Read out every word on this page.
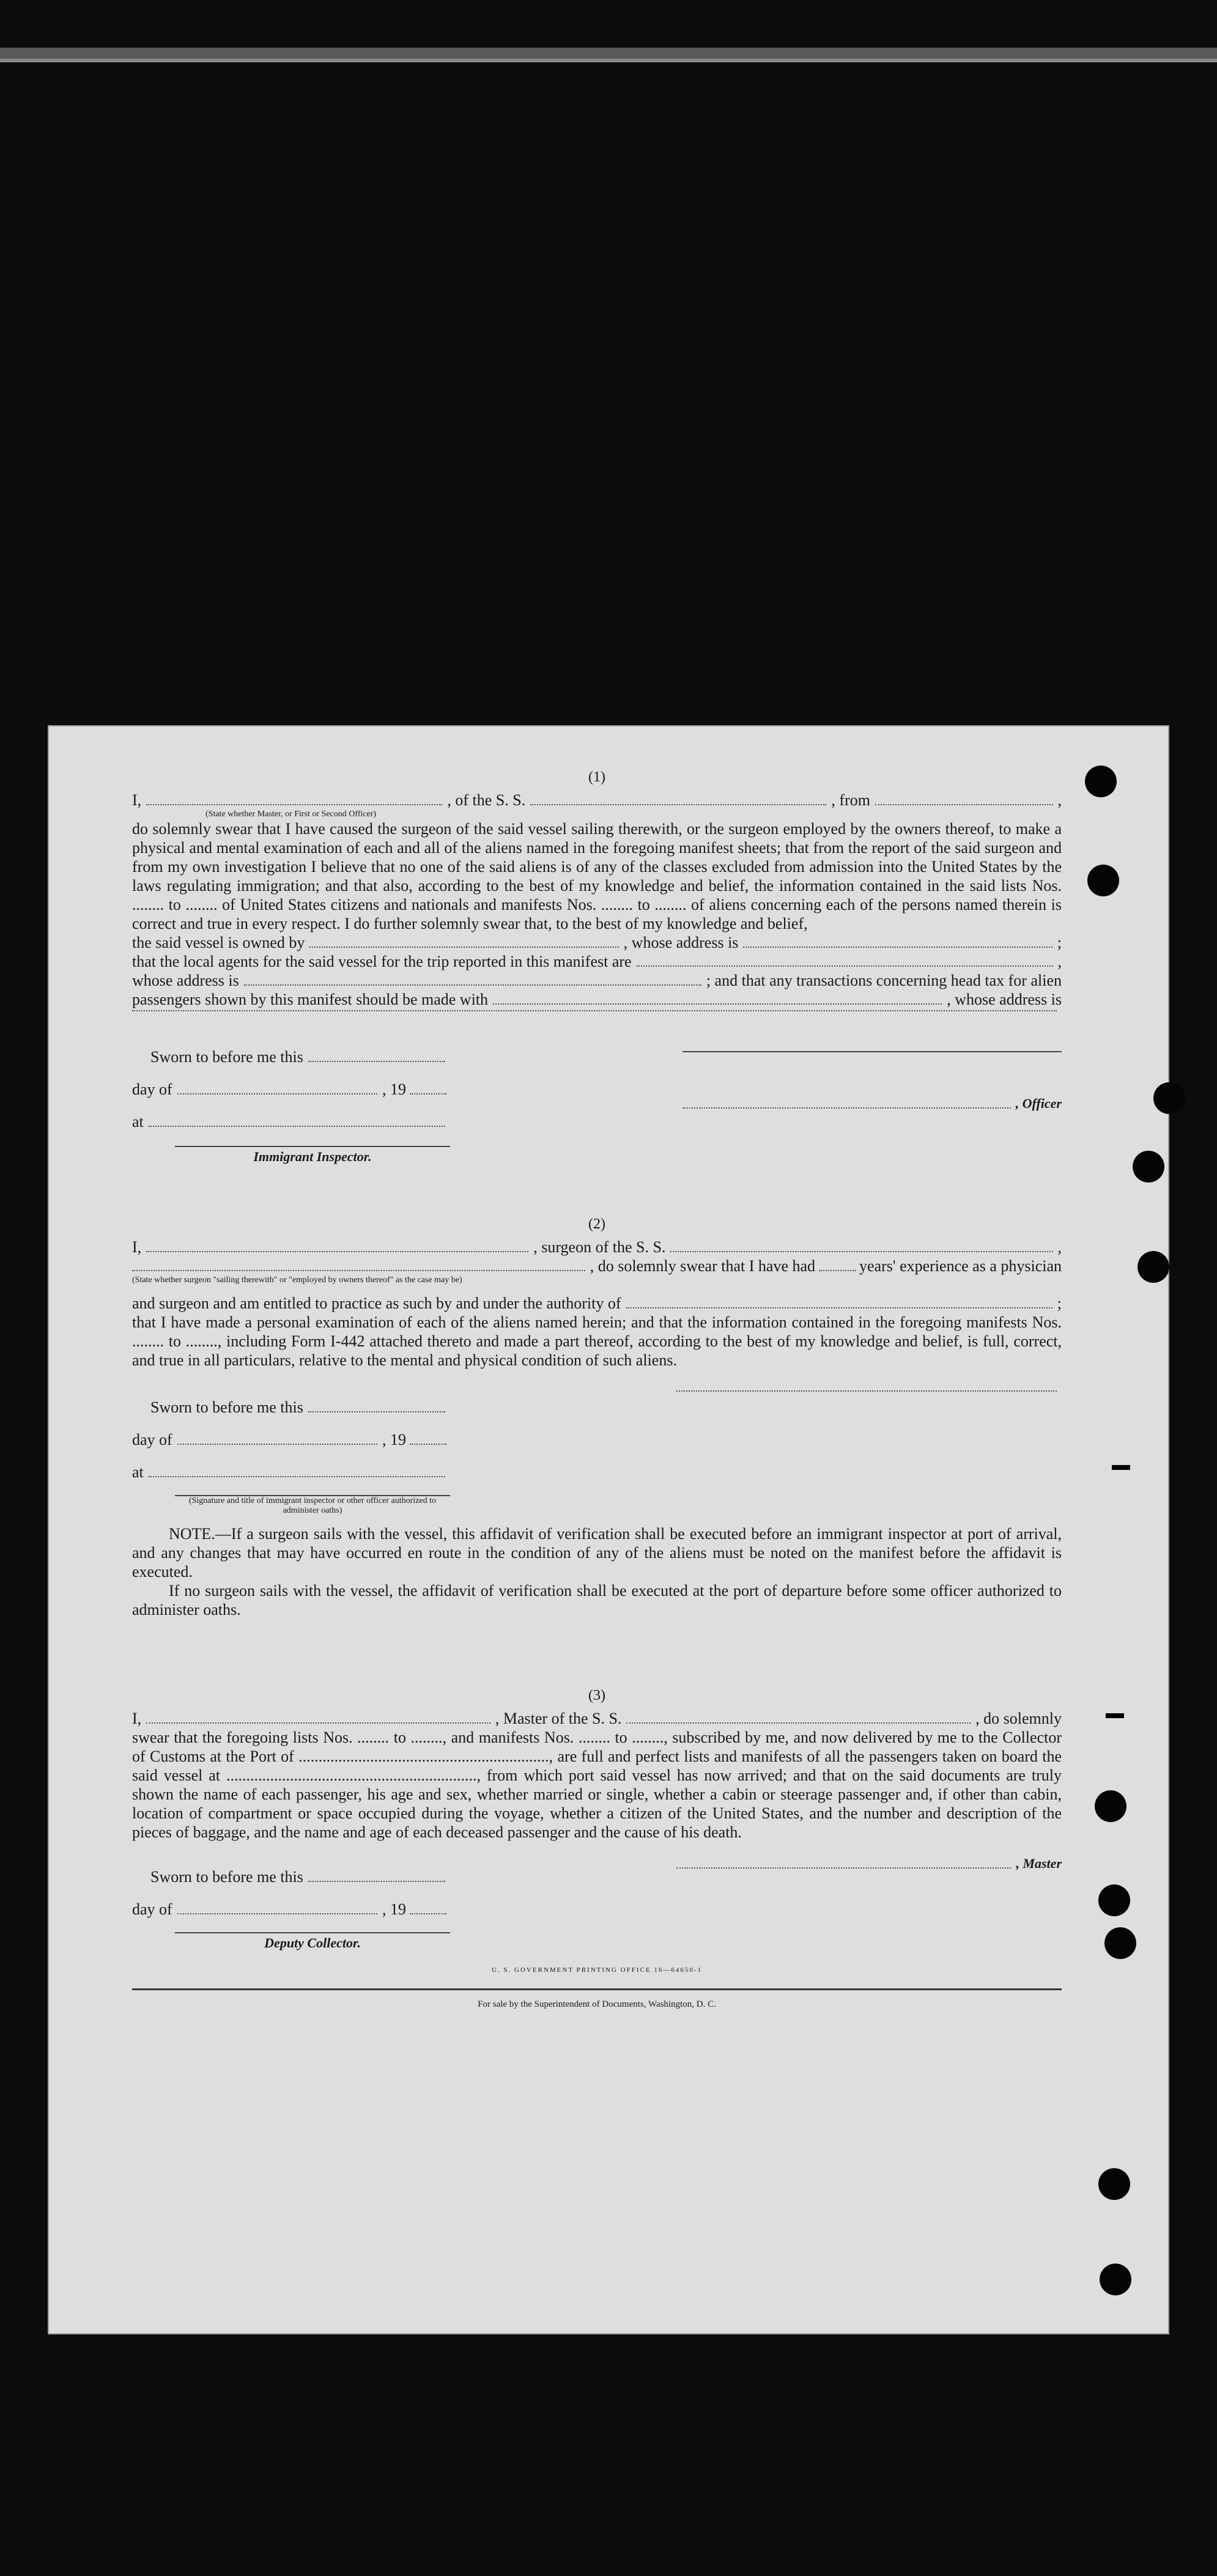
(1)
I,	, of the S. S.	, from	,
(State whether Master, or First or Second Officer)

do solemnly swear that I have caused the surgeon of the said vessel sailing therewith, or the surgeon employed by the owners thereof, to make a physical and mental examination of each and all of the aliens named in the foregoing manifest sheets; that from the report of the said surgeon and from my own investigation I believe that no one of the said aliens is of any of the classes excluded from admission into the United States by the laws regulating immigration; and that also, according to the best of my knowledge and belief, the information contained in the said lists Nos. ........ to ........ of United States citizens and nationals and manifests Nos. ........ to ........ of aliens concerning each of the persons named therein is correct and true in every respect. I do further solemnly swear that, to the best of my knowledge and belief,

the said vessel is owned by	, whose address is	;
that the local agents for the said vessel for the trip reported in this manifest are	,
whose address is	; and that any transactions concerning head tax for alien
passengers shown by this manifest should be made with	, whose address is
Sworn to before me this
day of	, 19
at
Immigrant Inspector.
, Officer
(2)
I,	, surgeon of the S. S.	,
, do solemnly swear that I have had	years' experience as a physician
(State whether surgeon "sailing therewith" or "employed by owners thereof" as the case may be)
and surgeon and am entitled to practice as such by and under the authority of	;

that I have made a personal examination of each of the aliens named herein; and that the information contained in the foregoing manifests Nos. ........ to ........, including Form I-442 attached thereto and made a part thereof, according to the best of my knowledge and belief, is full, correct, and true in all particulars, relative to the mental and physical condition of such aliens.

Sworn to before me this
day of	, 19
at
(Signature and title of immigrant inspector or other officer authorized to administer oaths)

NOTE.—If a surgeon sails with the vessel, this affidavit of verification shall be executed before an immigrant inspector at port of arrival, and any changes that may have occurred en route in the condition of any of the aliens must be noted on the manifest before the affidavit is executed.

If no surgeon sails with the vessel, the affidavit of verification shall be executed at the port of departure before some officer authorized to administer oaths.

(3)
I,	, Master of the S. S.	, do solemnly

swear that the foregoing lists Nos. ........ to ........, and manifests Nos. ........ to ........, subscribed by me, and now delivered by me to the Collector of Customs at the Port of ..............................................................., are full and perfect lists and manifests of all the passengers taken on board the said vessel at ..............................................................., from which port said vessel has now arrived; and that on the said documents are truly shown the name of each passenger, his age and sex, whether married or single, whether a cabin or steerage passenger and, if other than cabin, location of compartment or space occupied during the voyage, whether a citizen of the United States, and the number and description of the pieces of baggage, and the name and age of each deceased passenger and the cause of his death.

Sworn to before me this
day of	, 19
Deputy Collector.
, Master
U. S. GOVERNMENT PRINTING OFFICE 16—64650-1
For sale by the Superintendent of Documents, Washington, D. C.
